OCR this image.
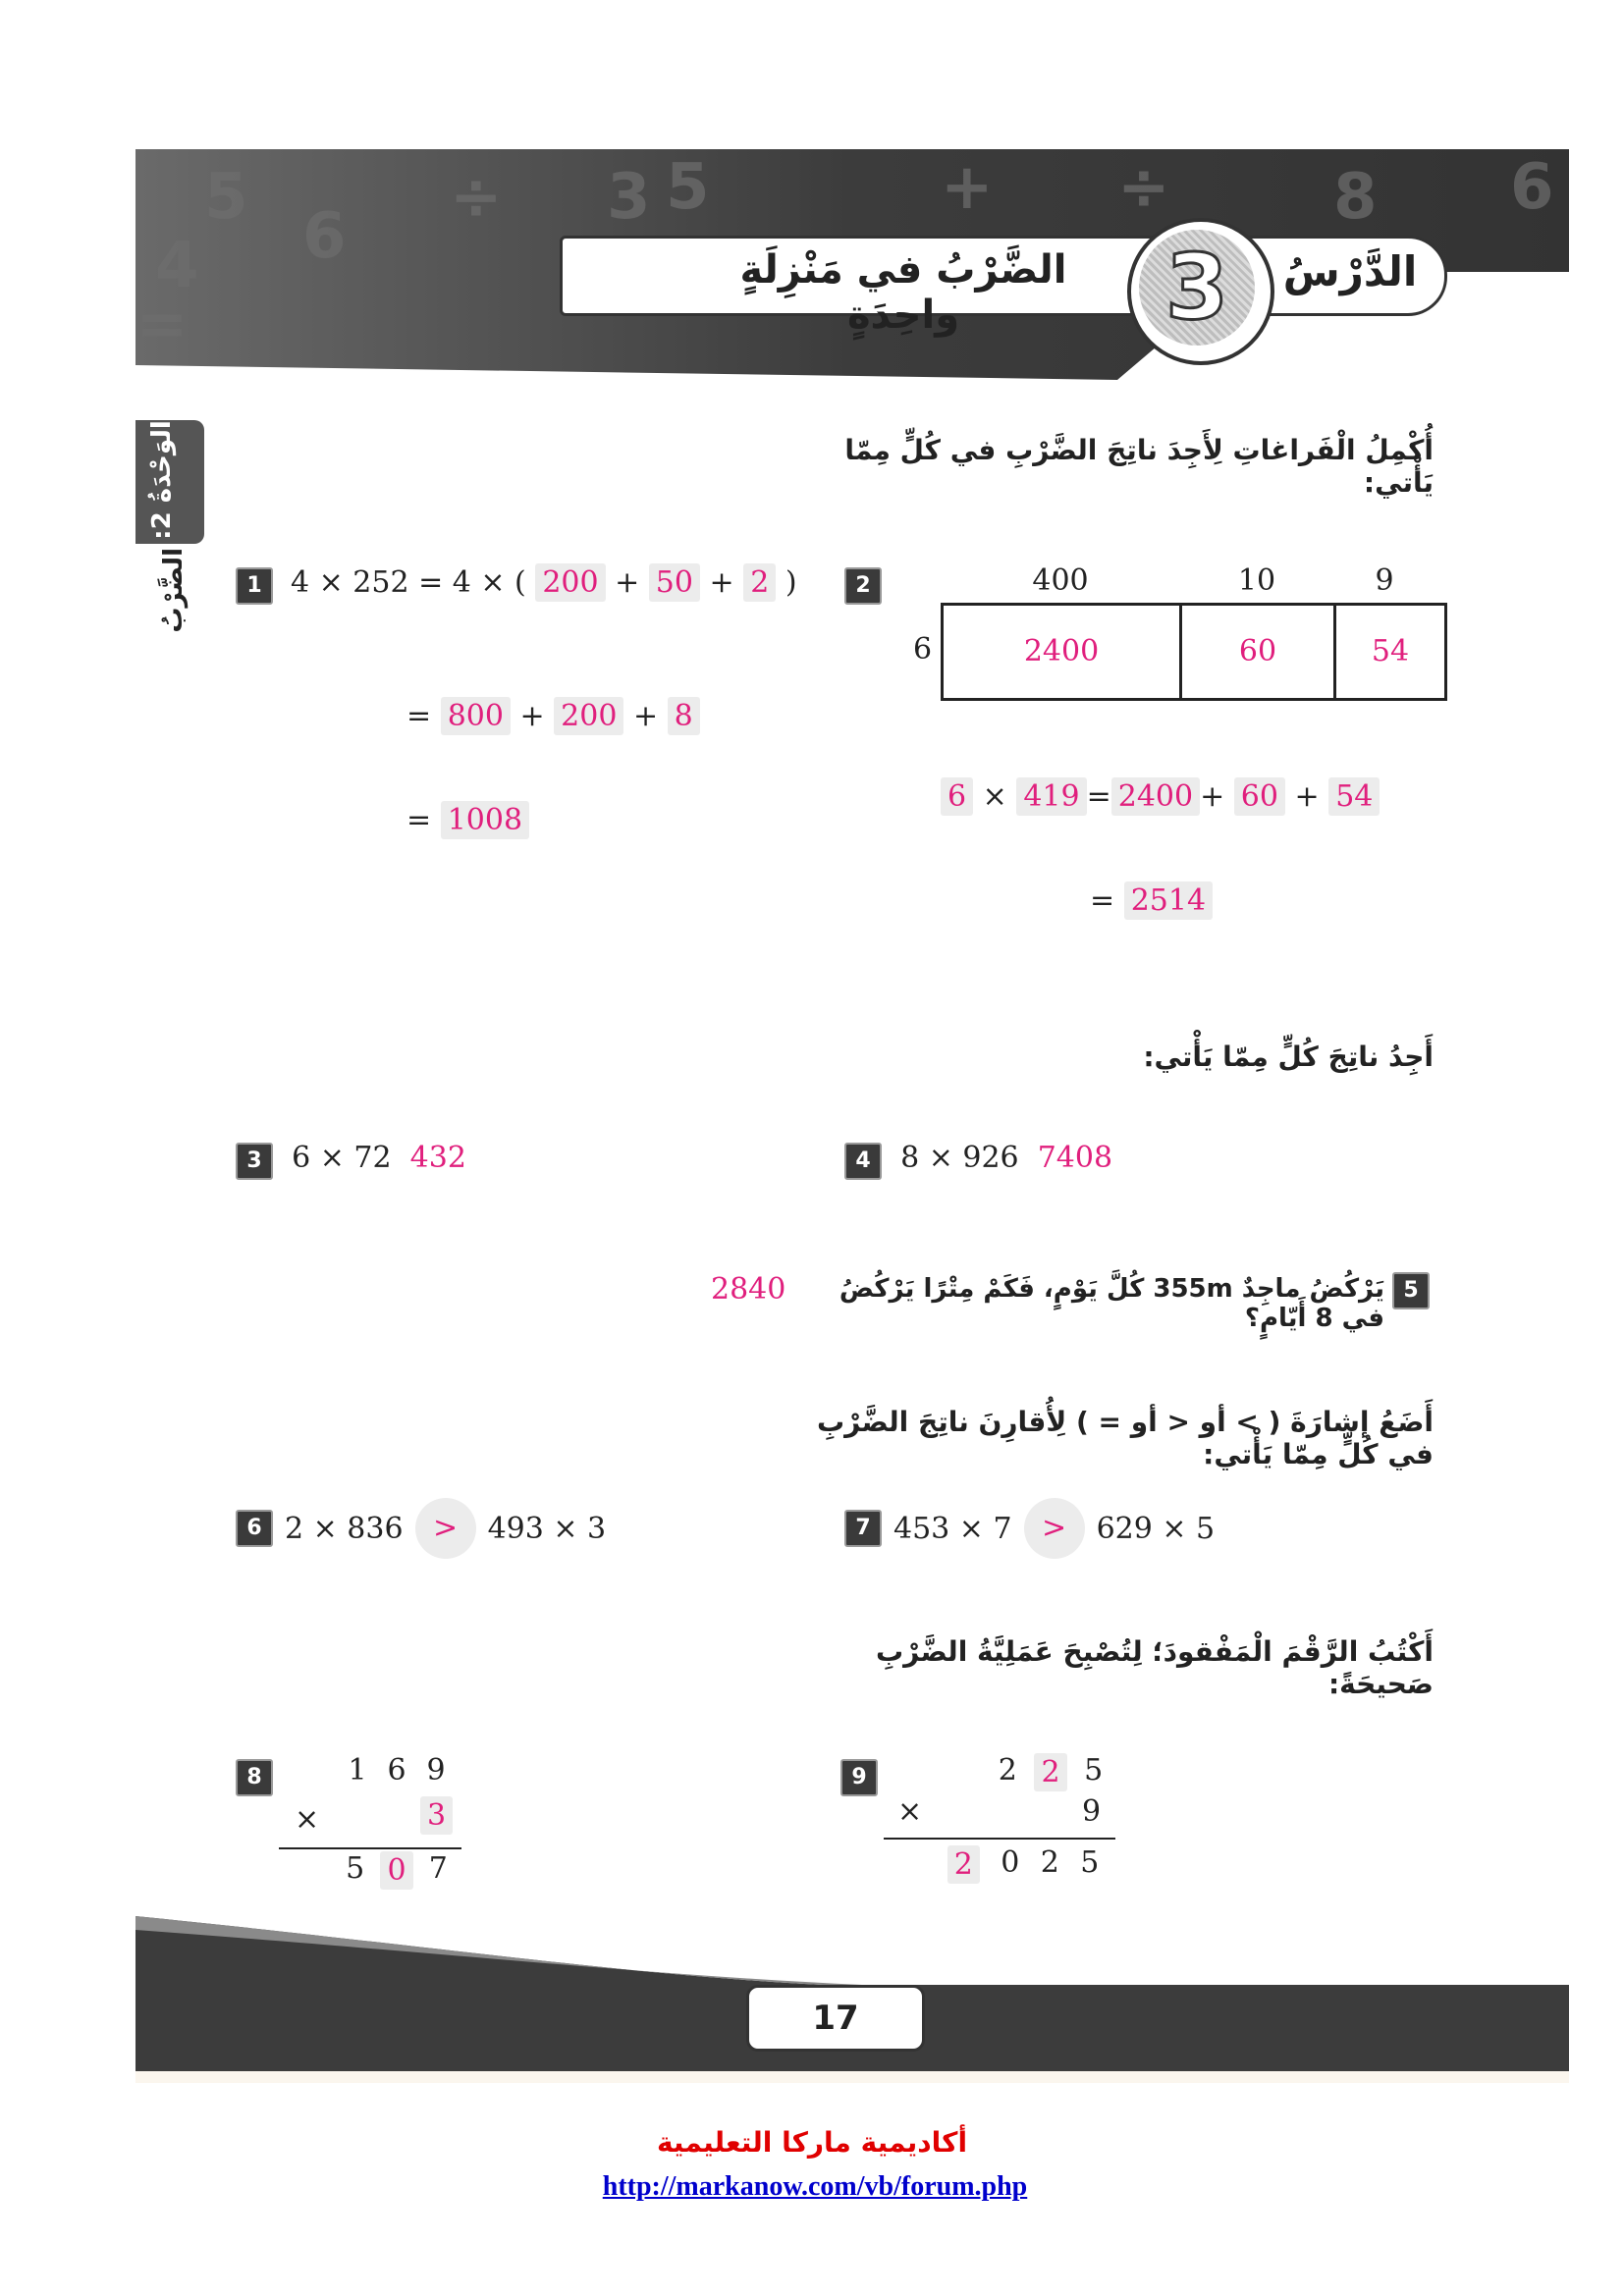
5
4 6
÷ 3 5	+ ÷	8 6
=	3	الدَّرْسُ
الضَّرْبُ في مَنْزِلَةٍ واحِدَةٍ
الوَحْدَةُ 2:
الضَّرْبُ
أُكْمِلُ الْفَراغاتِ لِأَجِدَ ناتِجَ الضَّرْبِ في كُلٍّ مِمّا يَأْتي:
1 4 × 252 = 4 × ( 200 + 50 + 2 )
= 800 + 200 + 8
= 1008
2	400	10	9
6	2400	60	54
6 × 419 = 2400 + 60 + 54
= 2514
أَجِدُ ناتِجَ كُلٍّ مِمّا يَأْتي:
3 6 × 72 432	4 8 × 926 7408
2840	يَرْكُضُ ماجِدٌ 355m كُلَّ يَوْمٍ، فَكَمْ مِتْرًا يَرْكُضُ في 8 أَيّامٍ؟
5
أَضَعُ إشارَةَ ( > أو < أو = ) لِأُقارِنَ ناتِجَ الضَّرْبِ في كُلٍّ مِمّا يَأْتي:
6 2 × 836	>	493 × 3	7 453 × 7	>	629 × 5
أَكْتُبُ الرَّقْمَ الْمَفْقودَ؛ لِتُصْبِحَ عَمَلِيَّةُ الضَّرْبِ صَحيحَةً:
8	1 6 9
×	3
5 0 7
9	2 2 5
×	9
2 0 2 5
17
أكاديمية ماركا التعليمية
http://markanow.com/vb/forum.php
